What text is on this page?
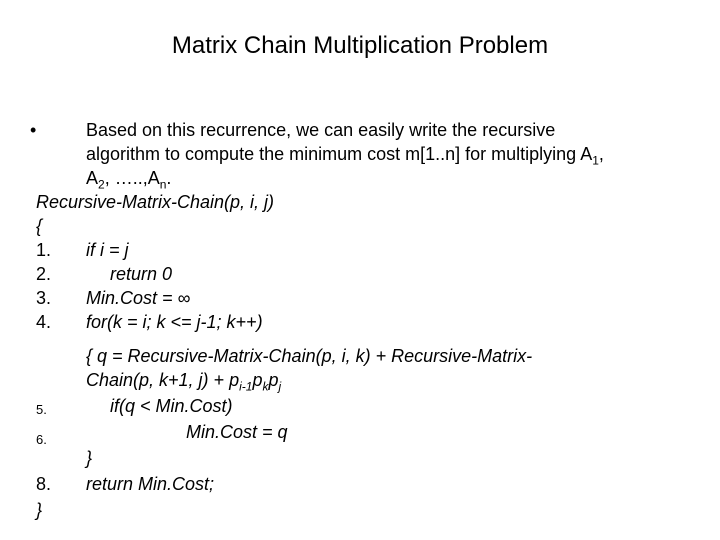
Matrix Chain Multiplication Problem
•	Based on this recurrence, we can easily write the recursive
algorithm to compute the minimum cost m[1..n] for multiplying $A_1$,
$A_2$, $\dots..,A_n$.
Recursive-Matrix-Chain(p, i, j)
{
1. if i = j
2.	return 0
3. Min.Cost = ∞
4. for(k = i; k <= j-1; k++)
{ q = Recursive-Matrix-Chain(p, i, k) + Recursive-Matrix-
Chain(p, k+1, $j) + p_{i-1}p_kp_j$
5.	if(q < Min.Cost)
6.	Min.Cost = q
}
8. return Min.Cost;
}
